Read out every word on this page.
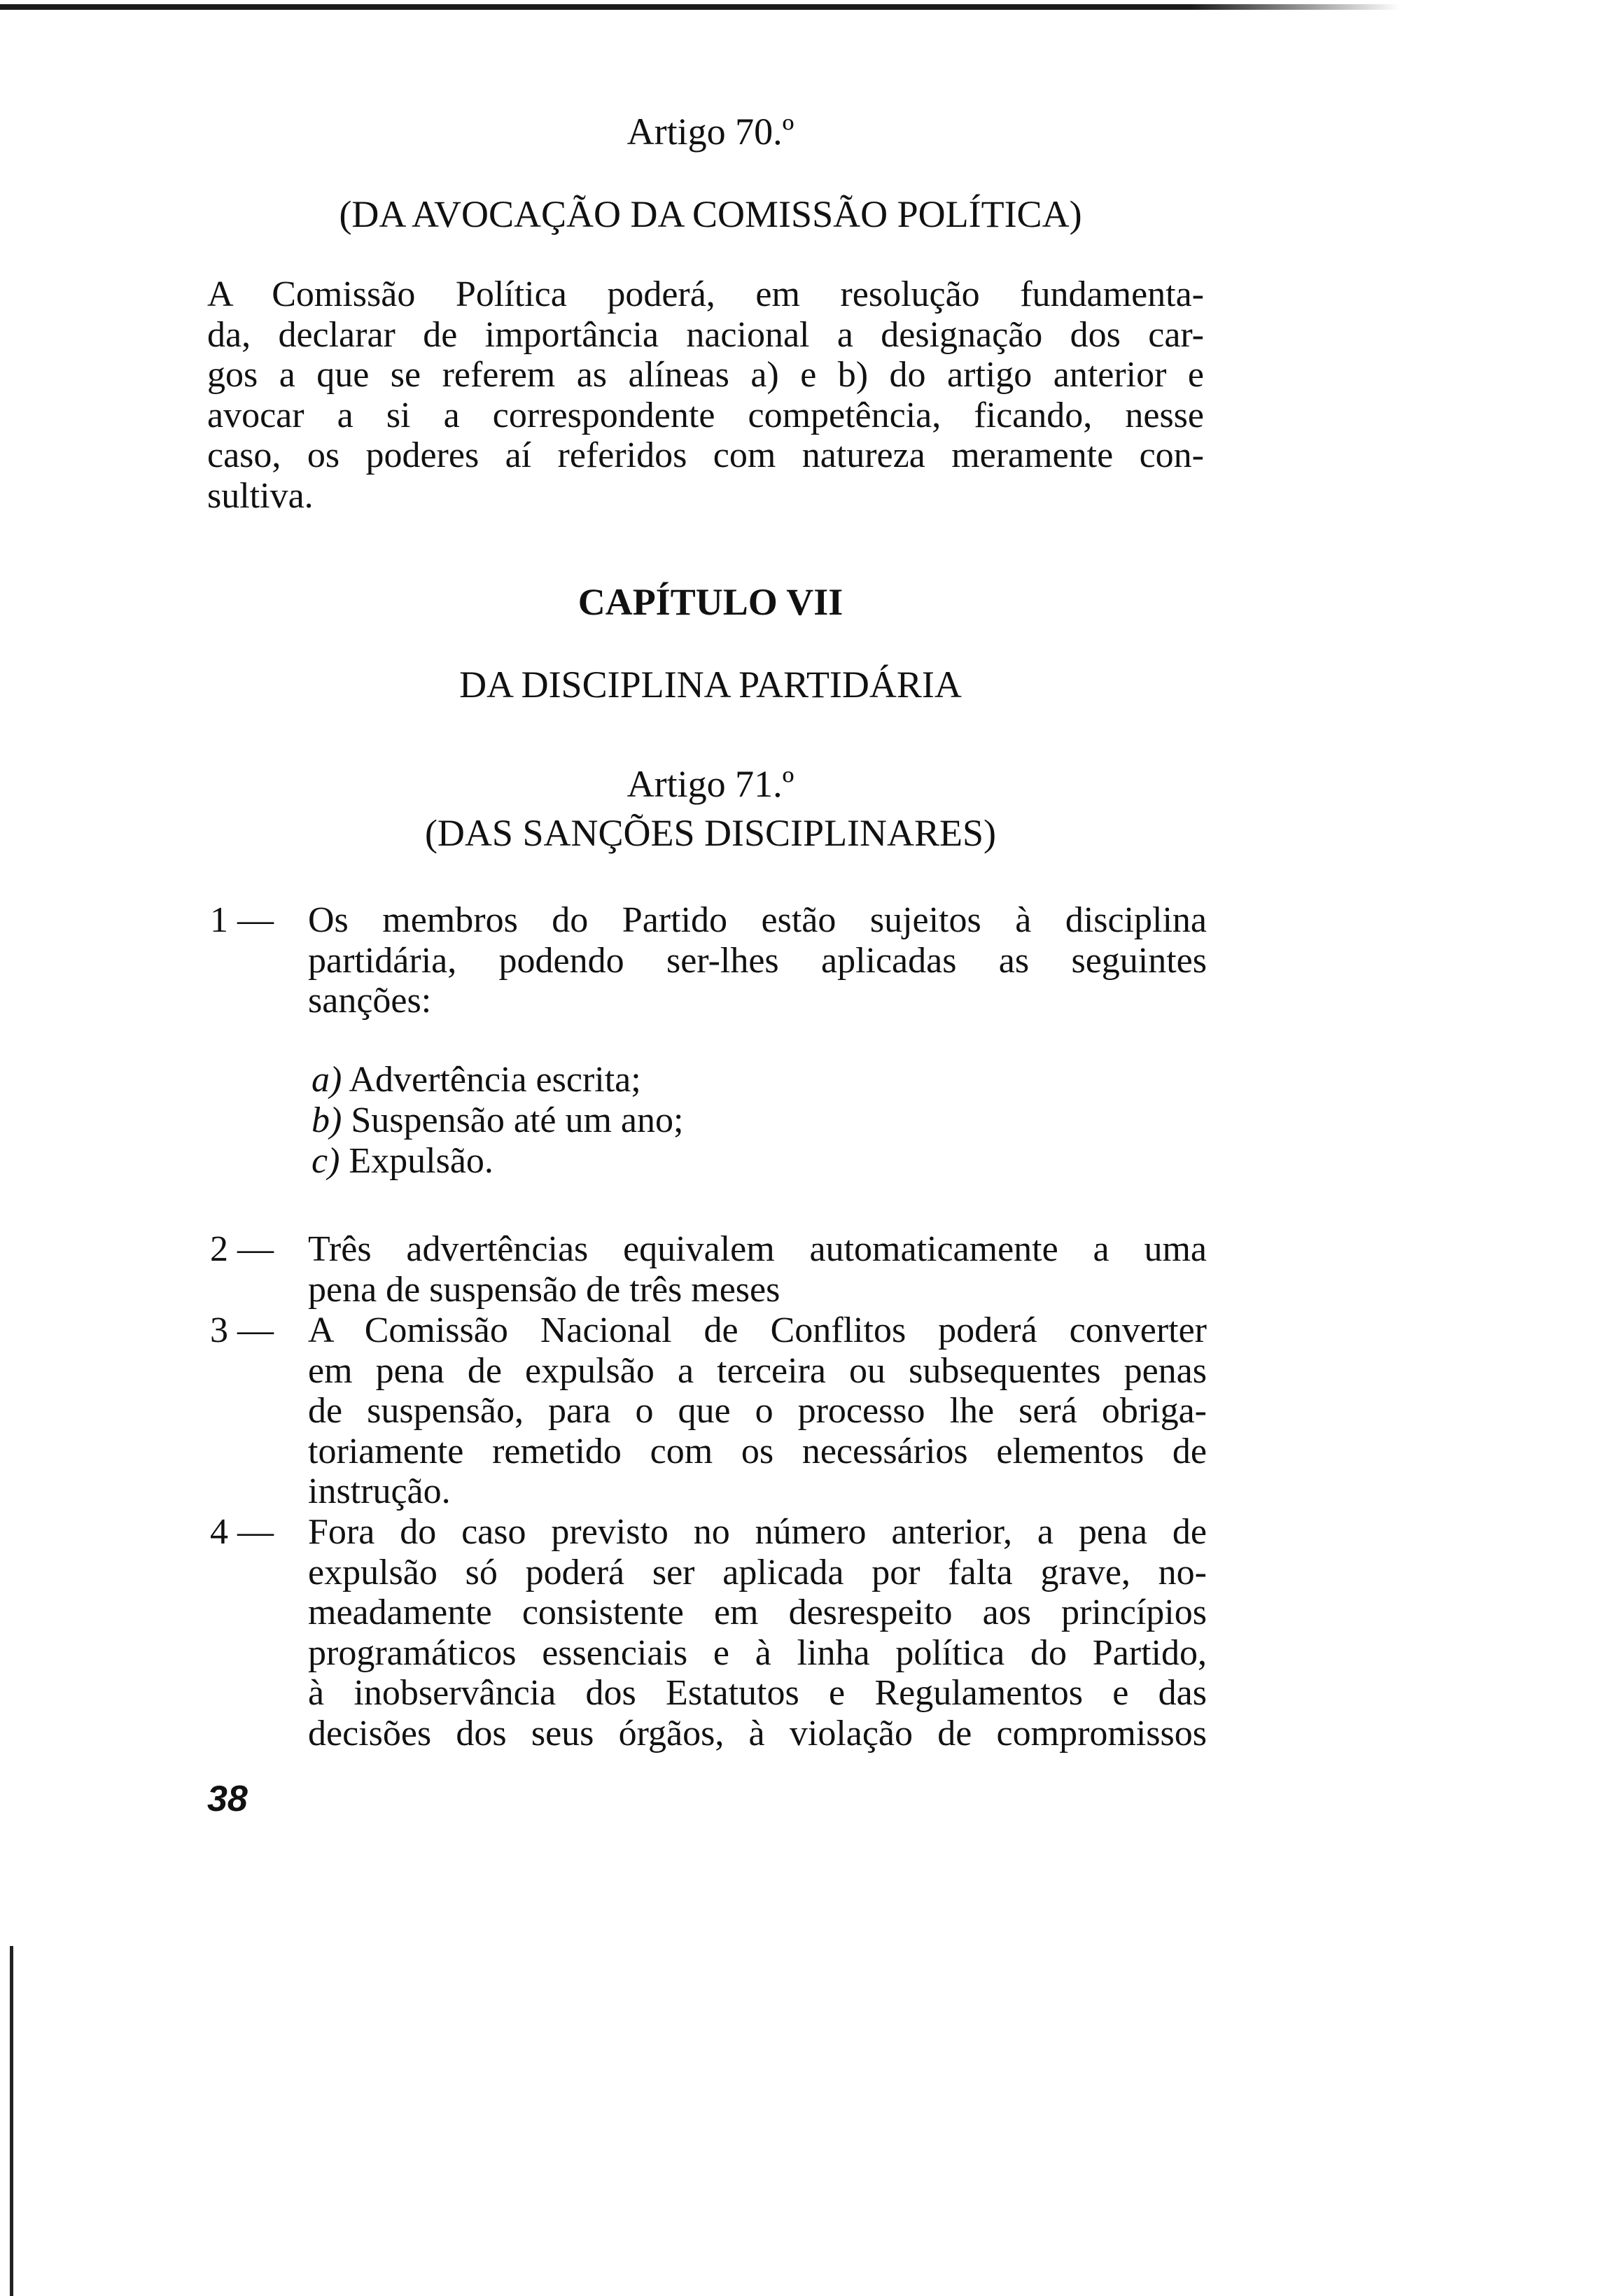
Artigo 70.º
(DA AVOCAÇÃO DA COMISSÃO POLÍTICA)
A Comissão Política poderá, em resolução fundamenta-
da, declarar de importância nacional a designação dos car-
gos a que se referem as alíneas a) e b) do artigo anterior e
avocar a si a correspondente competência, ficando, nesse
caso, os poderes aí referidos com natureza meramente con-
sultiva.
CAPÍTULO VII
DA DISCIPLINA PARTIDÁRIA
Artigo 71.º
(DAS SANÇÕES DISCIPLINARES)
1 — Os membros do Partido estão sujeitos à disciplina
partidária, podendo ser-lhes aplicadas as seguintes
sanções:
a) Advertência escrita;
b) Suspensão até um ano;
c) Expulsão.
2 — Três advertências equivalem automaticamente a uma
pena de suspensão de três meses
3 — A Comissão Nacional de Conflitos poderá converter
em pena de expulsão a terceira ou subsequentes penas
de suspensão, para o que o processo lhe será obriga-
toriamente remetido com os necessários elementos de
instrução.
4 — Fora do caso previsto no número anterior, a pena de
expulsão só poderá ser aplicada por falta grave, no-
meadamente consistente em desrespeito aos princípios
programáticos essenciais e à linha política do Partido,
à inobservância dos Estatutos e Regulamentos e das
decisões dos seus órgãos, à violação de compromissos
38
